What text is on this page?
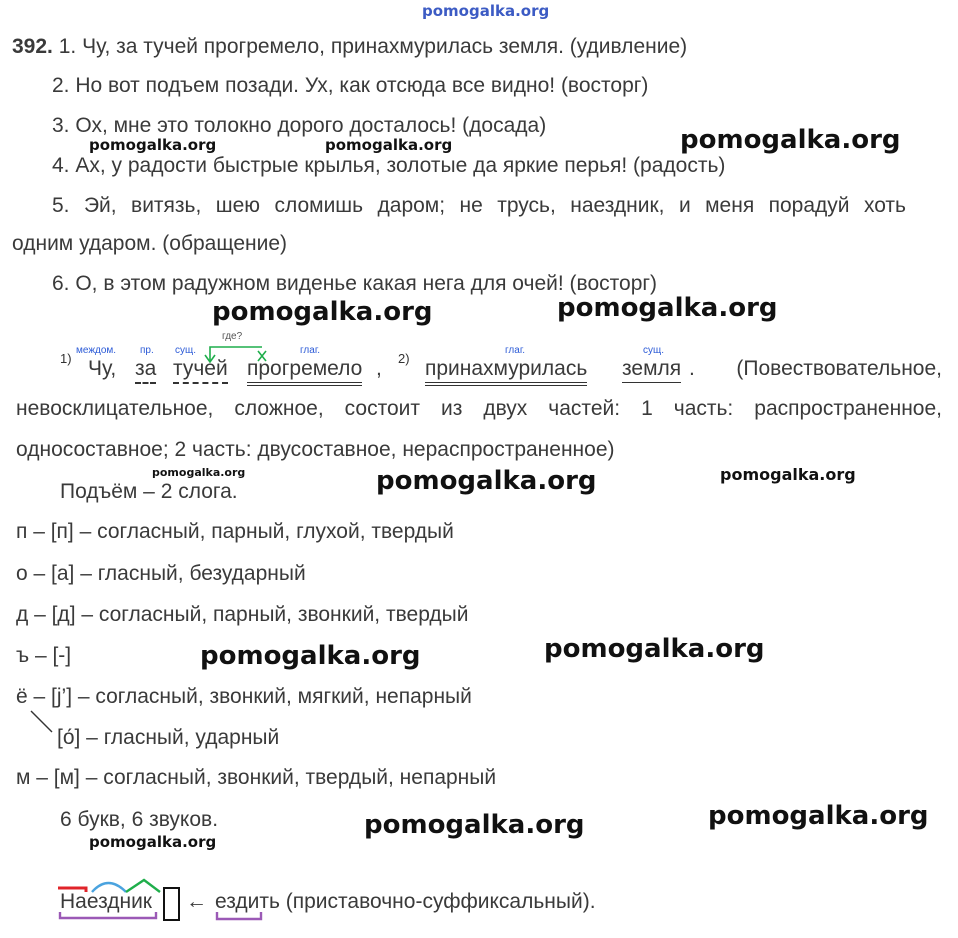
pomogalka.org
392. 1. Чу, за тучей прогремело, принахмурилась земля. (удивление)
2. Но вот подъем позади. Ух, как отсюда все видно! (восторг)
3. Ох, мне это толокно дорого досталось! (досада)
4. Ах, у радости быстрые крылья, золотые да яркие перья! (радость)
5. Эй, витязь, шею сломишь даром; не трусь, наездник, и меня порадуй хоть
одним ударом. (обращение)
6. О, в этом радужном виденье какая нега для очей! (восторг)
междом. пр. сущ.
где?
глаг.	глаг.	сущ.
1)	2)
Чу, за тучей прогремело , принахмурилась земля . (Повествовательное,
невосклицательное, сложное, состоит из двух частей: 1 часть: распространенное,
односоставное; 2 часть: двусоставное, нераспространенное)
Подъём – 2 слога.
п – [п] – согласный, парный, глухой, твердый
о – [а] – гласный, безударный
д – [д] – согласный, парный, звонкий, твердый
ъ – [-]
ё – [j’] – согласный, звонкий, мягкий, непарный
[о́] – гласный, ударный
м – [м] – согласный, звонкий, твердый, непарный
6 букв, 6 звуков.
Наездник ← ездить (приставочно-суффиксальный).
pomogalka.org	pomogalka.org	pomogalka.org
pomogalka.org	pomogalka.org
pomogalka.org	pomogalka.org	pomogalka.org
pomogalka.org	pomogalka.org
pomogalka.org
pomogalka.org
pomogalka.org
